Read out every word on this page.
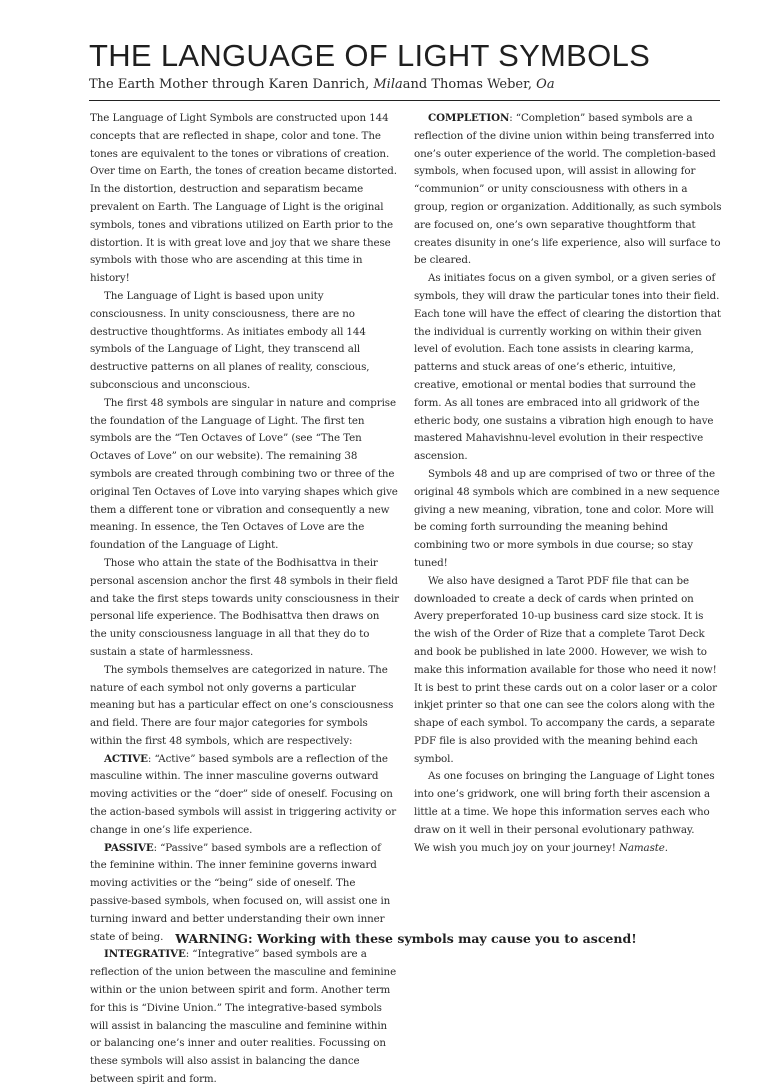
THE LANGUAGE OF LIGHT SYMBOLS
The Earth Mother through Karen Danrich, Milaand Thomas Weber, Oa

The Language of Light Symbols are constructed upon 144 concepts that are reflected in shape, color and tone. The tones are equivalent to the tones or vibrations of creation. Over time on Earth, the tones of creation became distorted. In the distortion, destruction and separatism became prevalent on Earth. The Language of Light is the original symbols, tones and vibrations utilized on Earth prior to the distortion. It is with great love and joy that we share these symbols with those who are ascending at this time in history!

The Language of Light is based upon unity consciousness. In unity consciousness, there are no destructive thoughtforms. As initiates embody all 144 symbols of the Language of Light, they transcend all destructive patterns on all planes of reality, conscious, subconscious and unconscious.

The first 48 symbols are singular in nature and comprise the foundation of the Language of Light. The first ten symbols are the “Ten Octaves of Love” (see “The Ten Octaves of Love” on our website). The remaining 38 symbols are created through combining two or three of the original Ten Octaves of Love into varying shapes which give them a different tone or vibration and consequently a new meaning. In essence, the Ten Octaves of Love are the foundation of the Language of Light.

Those who attain the state of the Bodhisattva in their personal ascension anchor the first 48 symbols in their field and take the first steps towards unity consciousness in their personal life experience. The Bodhisattva then draws on the unity consciousness language in all that they do to sustain a state of harmlessness.

The symbols themselves are categorized in nature. The nature of each symbol not only governs a particular meaning but has a particular effect on one’s consciousness and field. There are four major categories for symbols within the first 48 symbols, which are respectively:

ACTIVE: “Active” based symbols are a reflection of the masculine within. The inner masculine governs outward moving activities or the “doer” side of oneself. Focusing on the action-based symbols will assist in triggering activity or change in one’s life experience.

PASSIVE: “Passive” based symbols are a reflection of the feminine within. The inner feminine governs inward moving activities or the “being” side of oneself. The passive-based symbols, when focused on, will assist one in turning inward and better understanding their own inner state of being.

INTEGRATIVE: “Integrative” based symbols are a reflection of the union between the masculine and feminine within or the union between spirit and form. Another term for this is “Divine Union.” The integrative-based symbols will assist in balancing the masculine and feminine within or balancing one’s inner and outer realities. Focussing on these symbols will also assist in balancing the dance between spirit and form.

COMPLETION: “Completion” based symbols are a reflection of the divine union within being transferred into one’s outer experience of the world. The completion-based symbols, when focused upon, will assist in allowing for “communion” or unity consciousness with others in a group, region or organization. Additionally, as such symbols are focused on, one’s own separative thoughtform that creates disunity in one’s life experience, also will surface to be cleared.

As initiates focus on a given symbol, or a given series of symbols, they will draw the particular tones into their field. Each tone will have the effect of clearing the distortion that the individual is currently working on within their given level of evolution. Each tone assists in clearing karma, patterns and stuck areas of one’s etheric, intuitive, creative, emotional or mental bodies that surround the form. As all tones are embraced into all gridwork of the etheric body, one sustains a vibration high enough to have mastered Mahavishnu-level evolution in their respective ascension.

Symbols 48 and up are comprised of two or three of the original 48 symbols which are combined in a new sequence giving a new meaning, vibration, tone and color. More will be coming forth surrounding the meaning behind combining two or more symbols in due course; so stay tuned!

We also have designed a Tarot PDF file that can be downloaded to create a deck of cards when printed on Avery preperforated 10-up business card size stock. It is the wish of the Order of Rize that a complete Tarot Deck and book be published in late 2000. However, we wish to make this information available for those who need it now! It is best to print these cards out on a color laser or a color inkjet printer so that one can see the colors along with the shape of each symbol. To accompany the cards, a separate PDF file is also provided with the meaning behind each symbol.

As one focuses on bringing the Language of Light tones into one’s gridwork, one will bring forth their ascension a little at a time. We hope this information serves each who draw on it well in their personal evolutionary pathway.

We wish you much joy on your journey! Namaste.

WARNING: Working with these symbols may cause you to ascend!
